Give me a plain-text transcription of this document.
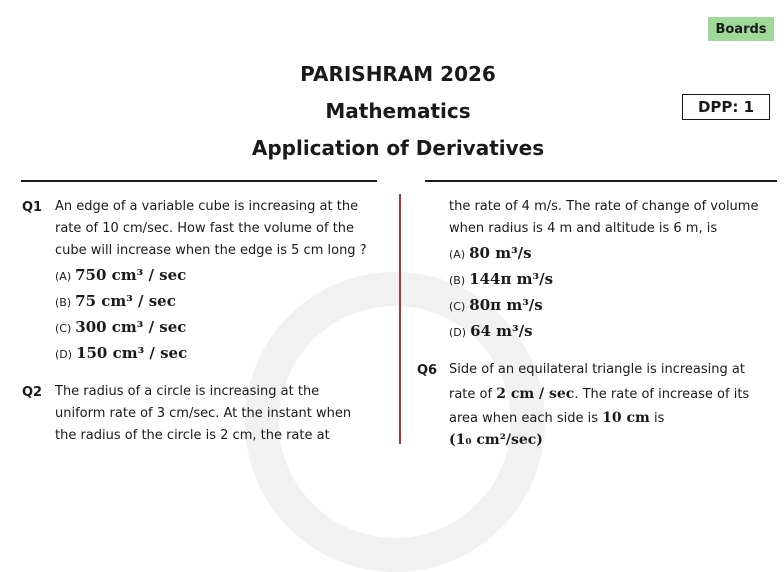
Boards
PARISHRAM 2026
Mathematics
Application of Derivatives
DPP: 1
Q1 An edge of a variable cube is increasing at the
rate of 10 cm/sec. How fast the volume of the
cube will increase when the edge is 5 cm long ?
(A) 750 cm³ / sec
(B) 75 cm³ / sec
(C) 300 cm³ / sec
(D) 150 cm³ / sec
Q2 The radius of a circle is increasing at the
uniform rate of 3 cm/sec. At the instant when
the radius of the circle is 2 cm, the rate at
the rate of 4 m/s. The rate of change of volume
when radius is 4 m and altitude is 6 m, is
(A) 80 m³/s
(B) 144π m³/s
(C) 80π m³/s
(D) 64 m³/s
Q6 Side of an equilateral triangle is increasing at
rate of 2 cm / sec. The rate of increase of its
area when each side is 10 cm is
(1₀ cm²/sec)
